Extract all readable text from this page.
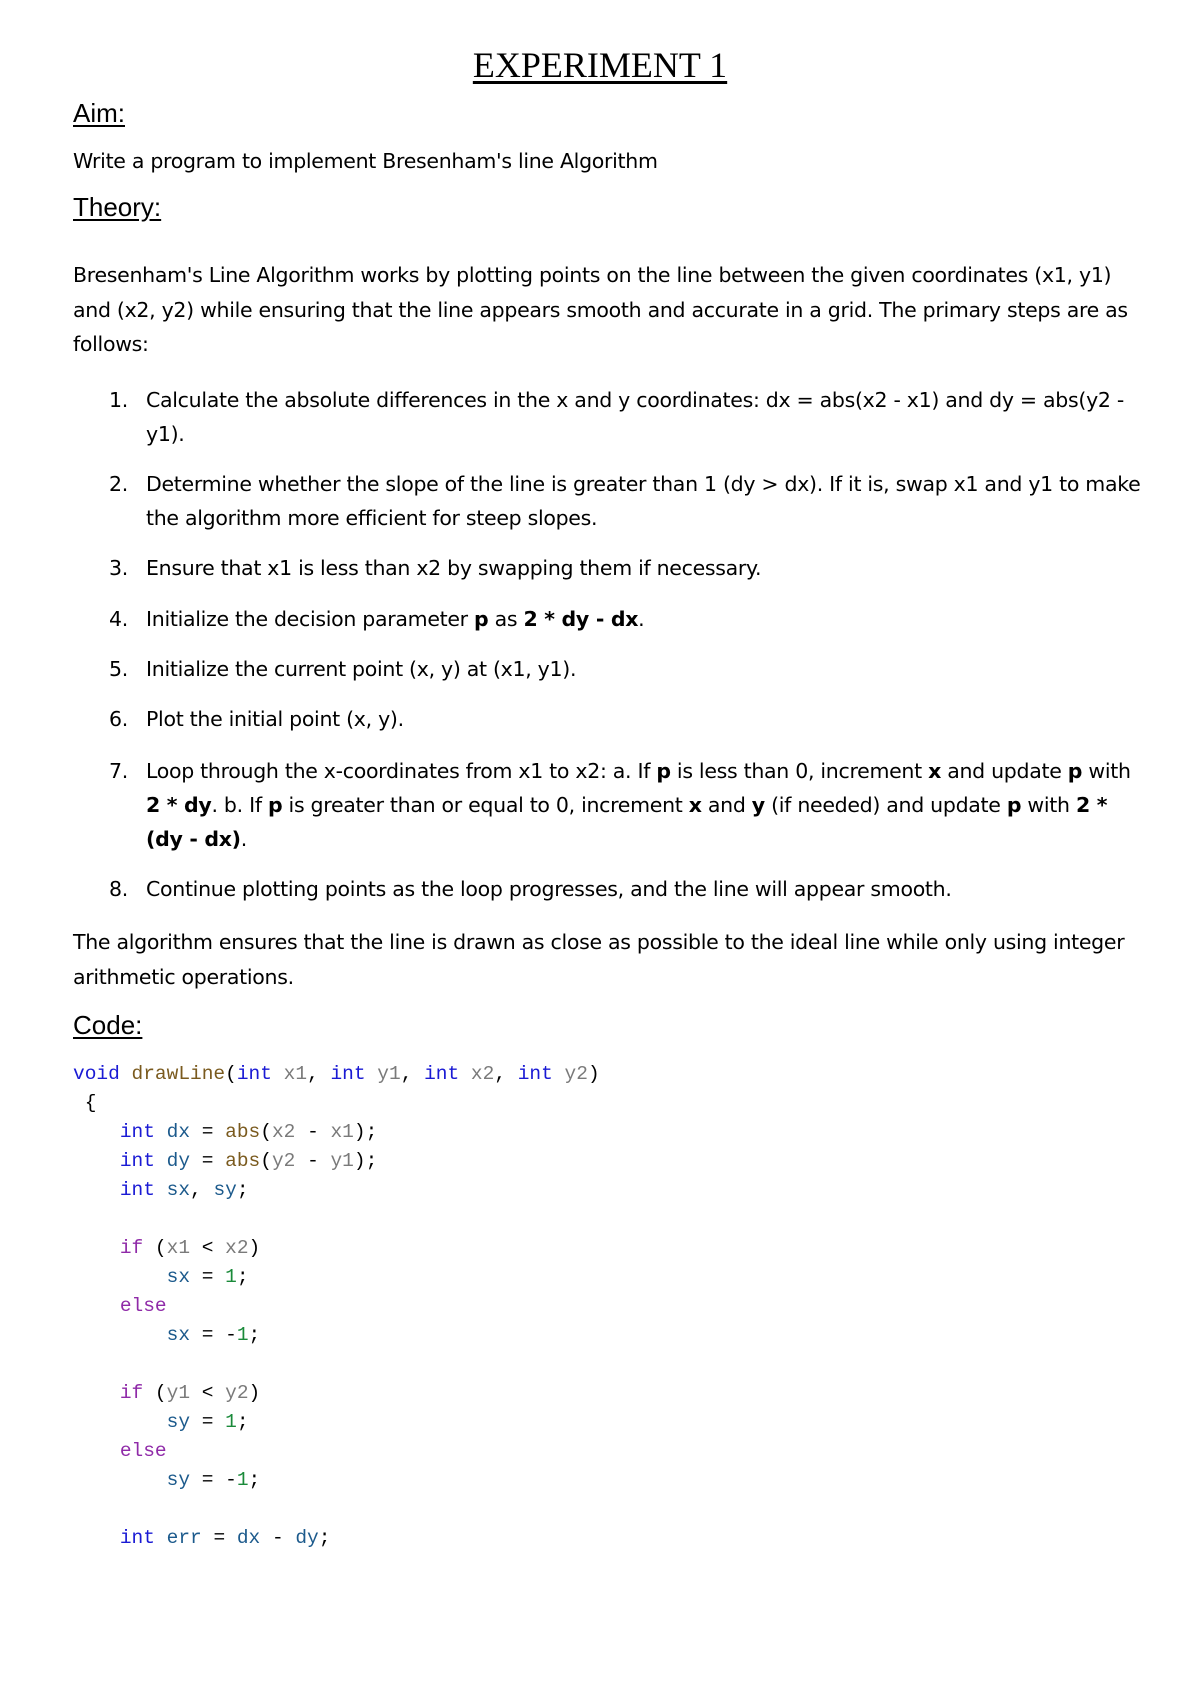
EXPERIMENT 1
Aim:
Write a program to implement Bresenham's line Algorithm
Theory:
Bresenham's Line Algorithm works by plotting points on the line between the given coordinates (x1, y1) and (x2, y2) while ensuring that the line appears smooth and accurate in a grid. The primary steps are as follows:
1. Calculate the absolute differences in the x and y coordinates: dx = abs(x2 - x1) and dy = abs(y2 - y1).
2. Determine whether the slope of the line is greater than 1 (dy > dx). If it is, swap x1 and y1 to make the algorithm more efficient for steep slopes.
3. Ensure that x1 is less than x2 by swapping them if necessary.
4. Initialize the decision parameter p as 2 * dy - dx.
5. Initialize the current point (x, y) at (x1, y1).
6. Plot the initial point (x, y).
7. Loop through the x-coordinates from x1 to x2: a. If p is less than 0, increment x and update p with 2 * dy. b. If p is greater than or equal to 0, increment x and y (if needed) and update p with 2 * (dy - dx).
8. Continue plotting points as the loop progresses, and the line will appear smooth.
The algorithm ensures that the line is drawn as close as possible to the ideal line while only using integer arithmetic operations.
Code:
void drawLine(int x1, int y1, int x2, int y2)
{
int dx = abs(x2 - x1);
int dy = abs(y2 - y1);
int sx, sy;
if (x1 < x2)
sx = 1;
else
sx = -1;
if (y1 < y2)
sy = 1;
else
sy = -1;
int err = dx - dy;
